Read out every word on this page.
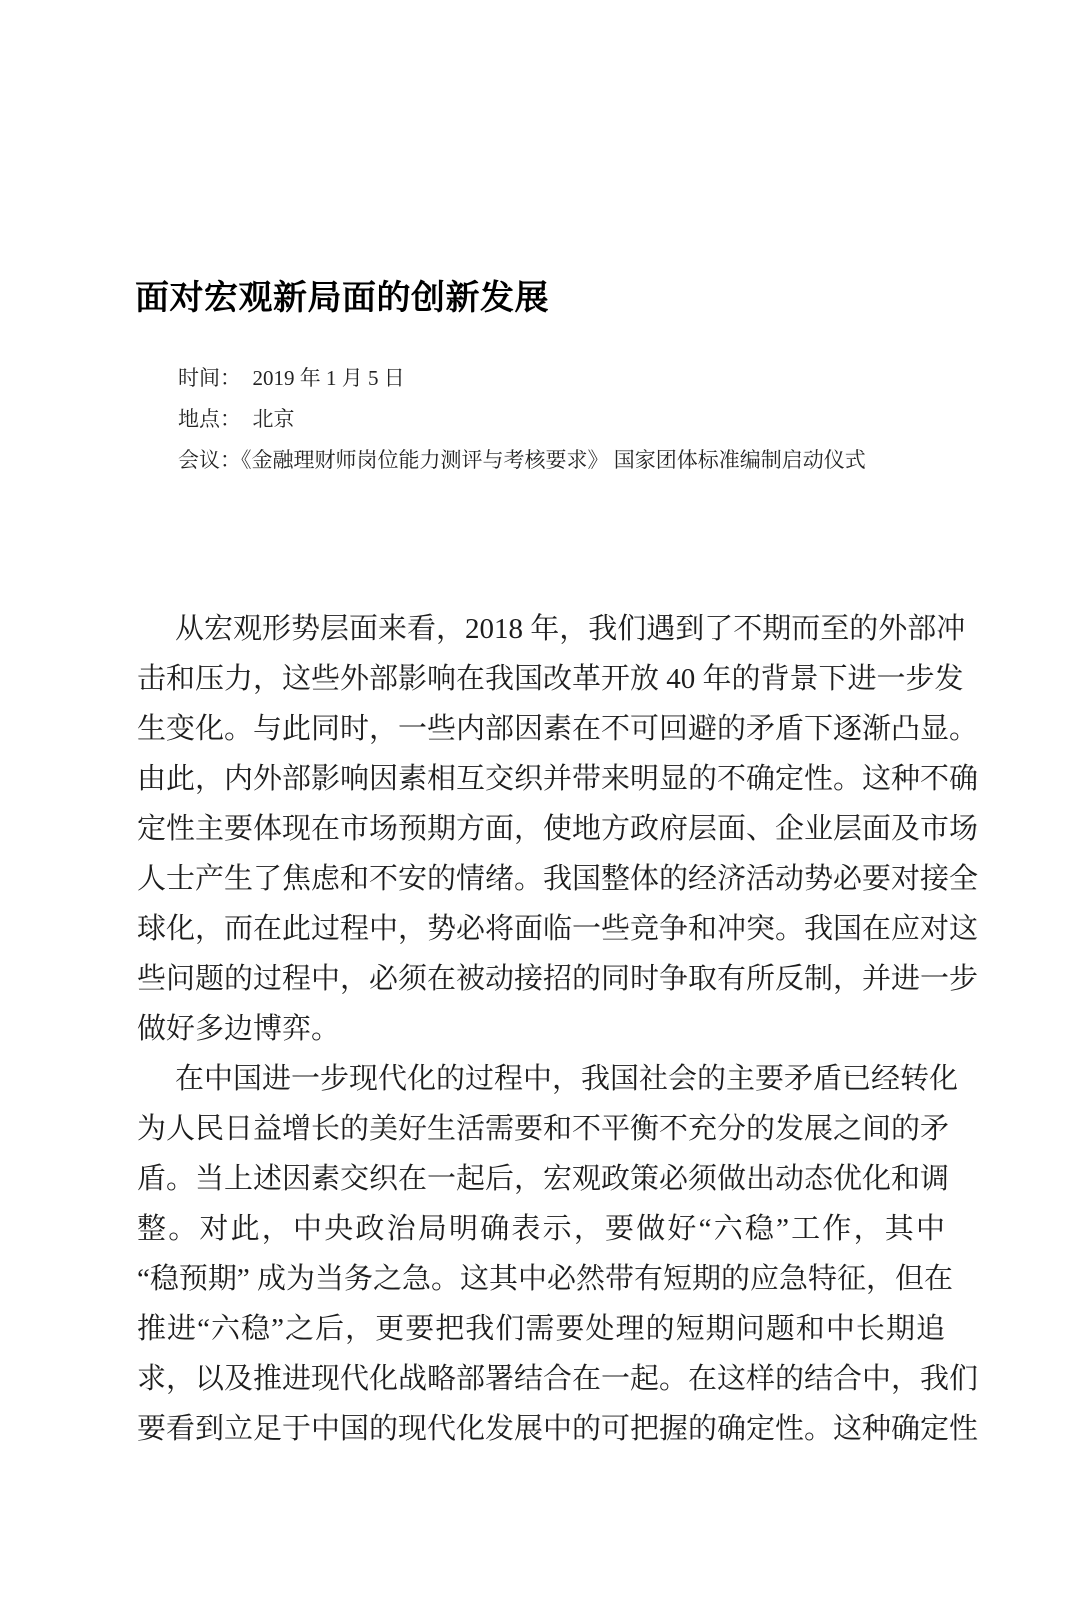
面对宏观新局面的创新发展
时间： 2019 年 1 月 5 日
地点： 北京
会议：《金融理财师岗位能力测评与考核要求》 国家团体标准编制启动仪式
从宏观形势层面来看，2018 年，我们遇到了不期而至的外部冲
击和压力，这些外部影响在我国改革开放 40 年的背景下进一步发
生变化。与此同时，一些内部因素在不可回避的矛盾下逐渐凸显。
由此，内外部影响因素相互交织并带来明显的不确定性。这种不确
定性主要体现在市场预期方面，使地方政府层面、企业层面及市场
人士产生了焦虑和不安的情绪。我国整体的经济活动势必要对接全
球化，而在此过程中，势必将面临一些竞争和冲突。我国在应对这
些问题的过程中，必须在被动接招的同时争取有所反制，并进一步
做好多边博弈。
在中国进一步现代化的过程中，我国社会的主要矛盾已经转化
为人民日益增长的美好生活需要和不平衡不充分的发展之间的矛
盾。当上述因素交织在一起后，宏观政策必须做出动态优化和调
整。对此，中央政治局明确表示，要做好“六稳”工作，其中
“稳预期” 成为当务之急。这其中必然带有短期的应急特征，但在
推进“六稳”之后，更要把我们需要处理的短期问题和中长期追
求，以及推进现代化战略部署结合在一起。在这样的结合中，我们
要看到立足于中国的现代化发展中的可把握的确定性。这种确定性
